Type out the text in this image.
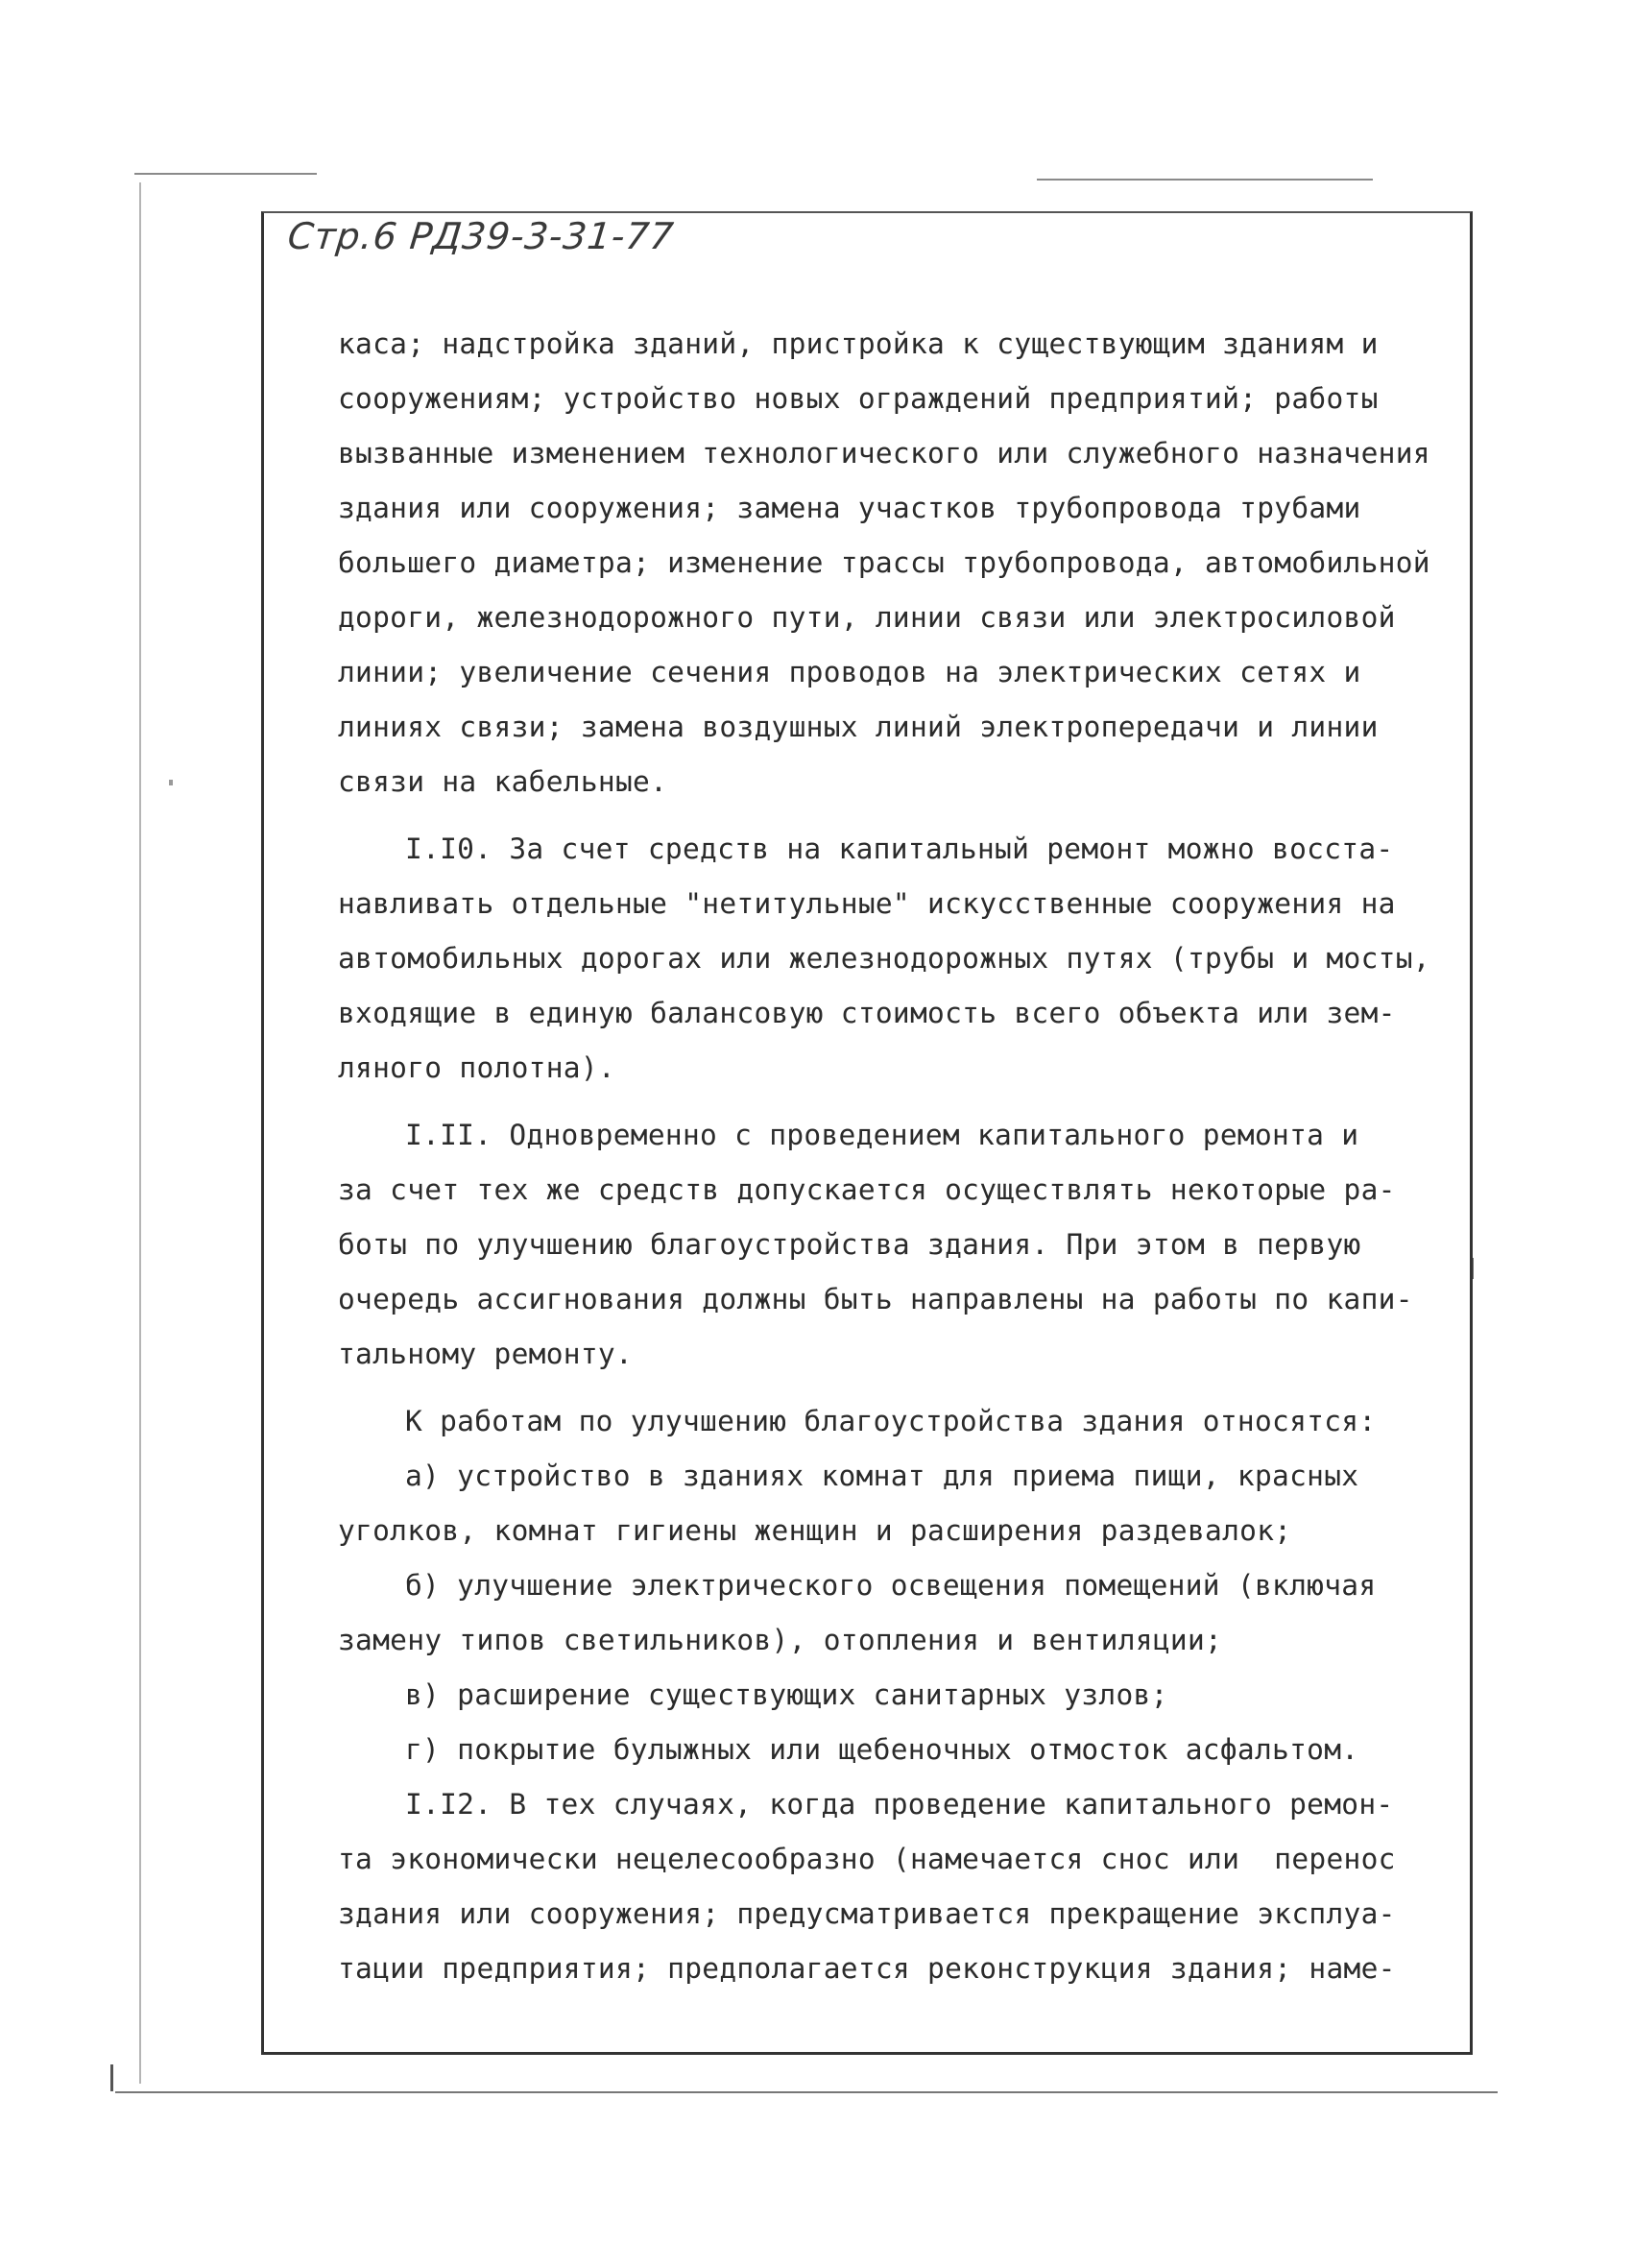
Стр.6 РД39-3-31-77
каса; надстройка зданий, пристройка к существующим зданиям и
сооружениям; устройство новых ограждений предприятий; работы
вызванные изменением технологического или служебного назначения
здания или сооружения; замена участков трубопровода трубами
большего диаметра; изменение трассы трубопровода, автомобильной
дороги, железнодорожного пути, линии связи или электросиловой
линии; увеличение сечения проводов на электрических сетях и
линиях связи; замена воздушных линий электропередачи и линии
связи на кабельные.
I.I0. За счет средств на капитальный ремонт можно восста-
навливать отдельные "нетитульные" искусственные сооружения на
автомобильных дорогах или железнодорожных путях (трубы и мосты,
входящие в единую балансовую стоимость всего объекта или зем-
ляного полотна).
I.II. Одновременно с проведением капитального ремонта и
за счет тех же средств допускается осуществлять некоторые ра-
боты по улучшению благоустройства здания. При этом в первую
очередь ассигнования должны быть направлены на работы по капи-
тальному ремонту.
К работам по улучшению благоустройства здания относятся:
а) устройство в зданиях комнат для приема пищи, красных
уголков, комнат гигиены женщин и расширения раздевалок;
б) улучшение электрического освещения помещений (включая
замену типов светильников), отопления и вентиляции;
в) расширение существующих санитарных узлов;
г) покрытие булыжных или щебеночных отмосток асфальтом.
I.I2. В тех случаях, когда проведение капитального ремон-
та экономически нецелесообразно (намечается снос или  перенос
здания или сооружения; предусматривается прекращение эксплуа-
тации предприятия; предполагается реконструкция здания; наме-
